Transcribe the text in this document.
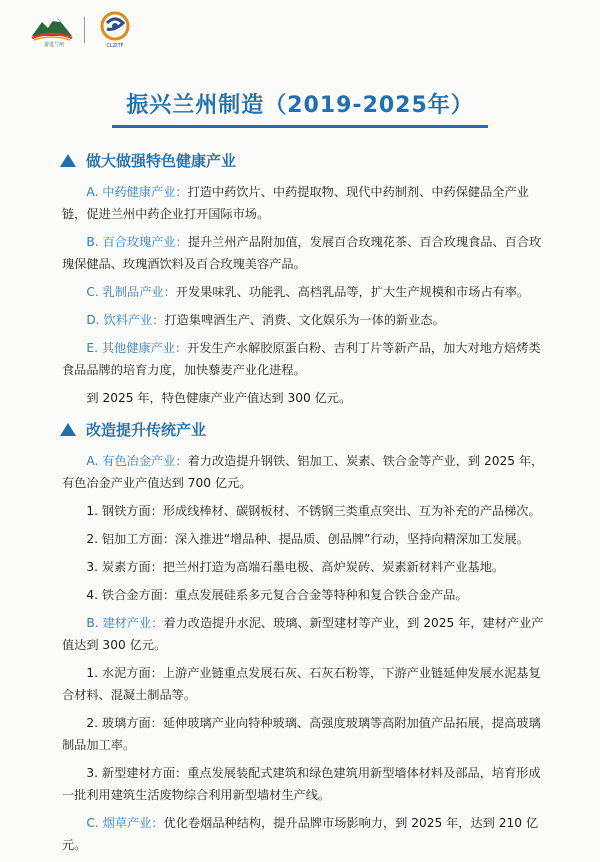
奋进兰州	CLZITF
振兴兰州制造（2019-2025年）
做大做强特色健康产业

A. 中药健康产业：打造中药饮片、中药提取物、现代中药制剂、中药保健品全产业链，促进兰州中药企业打开国际市场。

B. 百合玫瑰产业：提升兰州产品附加值，发展百合玫瑰花茶、百合玫瑰食品、百合玫瑰保健品、玫瑰酒饮料及百合玫瑰美容产品。

C. 乳制品产业：开发果味乳、功能乳、高档乳品等，扩大生产规模和市场占有率。

D. 饮料产业：打造集啤酒生产、消费、文化娱乐为一体的新业态。

E. 其他健康产业：开发生产水解胶原蛋白粉、吉利丁片等新产品，加大对地方焙烤类食品品牌的培育力度，加快藜麦产业化进程。

到 2025 年，特色健康产业产值达到 300 亿元。

改造提升传统产业

A. 有色冶金产业：着力改造提升钢铁、铝加工、炭素、铁合金等产业，到 2025 年，有色冶金产业产值达到 700 亿元。

1. 钢铁方面：形成线棒材、碳钢板材、不锈钢三类重点突出、互为补充的产品梯次。

2. 铝加工方面：深入推进“增品种、提品质、创品牌”行动，坚持向精深加工发展。

3. 炭素方面：把兰州打造为高端石墨电极、高炉炭砖、炭素新材料产业基地。

4. 铁合金方面：重点发展硅系多元复合合金等特种和复合铁合金产品。

B. 建材产业：着力改造提升水泥、玻璃、新型建材等产业，到 2025 年，建材产业产值达到 300 亿元。

1. 水泥方面：上游产业链重点发展石灰、石灰石粉等，下游产业链延伸发展水泥基复合材料、混凝土制品等。

2. 玻璃方面：延伸玻璃产业向特种玻璃、高强度玻璃等高附加值产品拓展，提高玻璃制品加工率。

3. 新型建材方面：重点发展装配式建筑和绿色建筑用新型墙体材料及部品，培育形成一批利用建筑生活废物综合利用新型墙材生产线。

C. 烟草产业：优化卷烟品种结构，提升品牌市场影响力，到 2025 年，达到 210 亿元。
